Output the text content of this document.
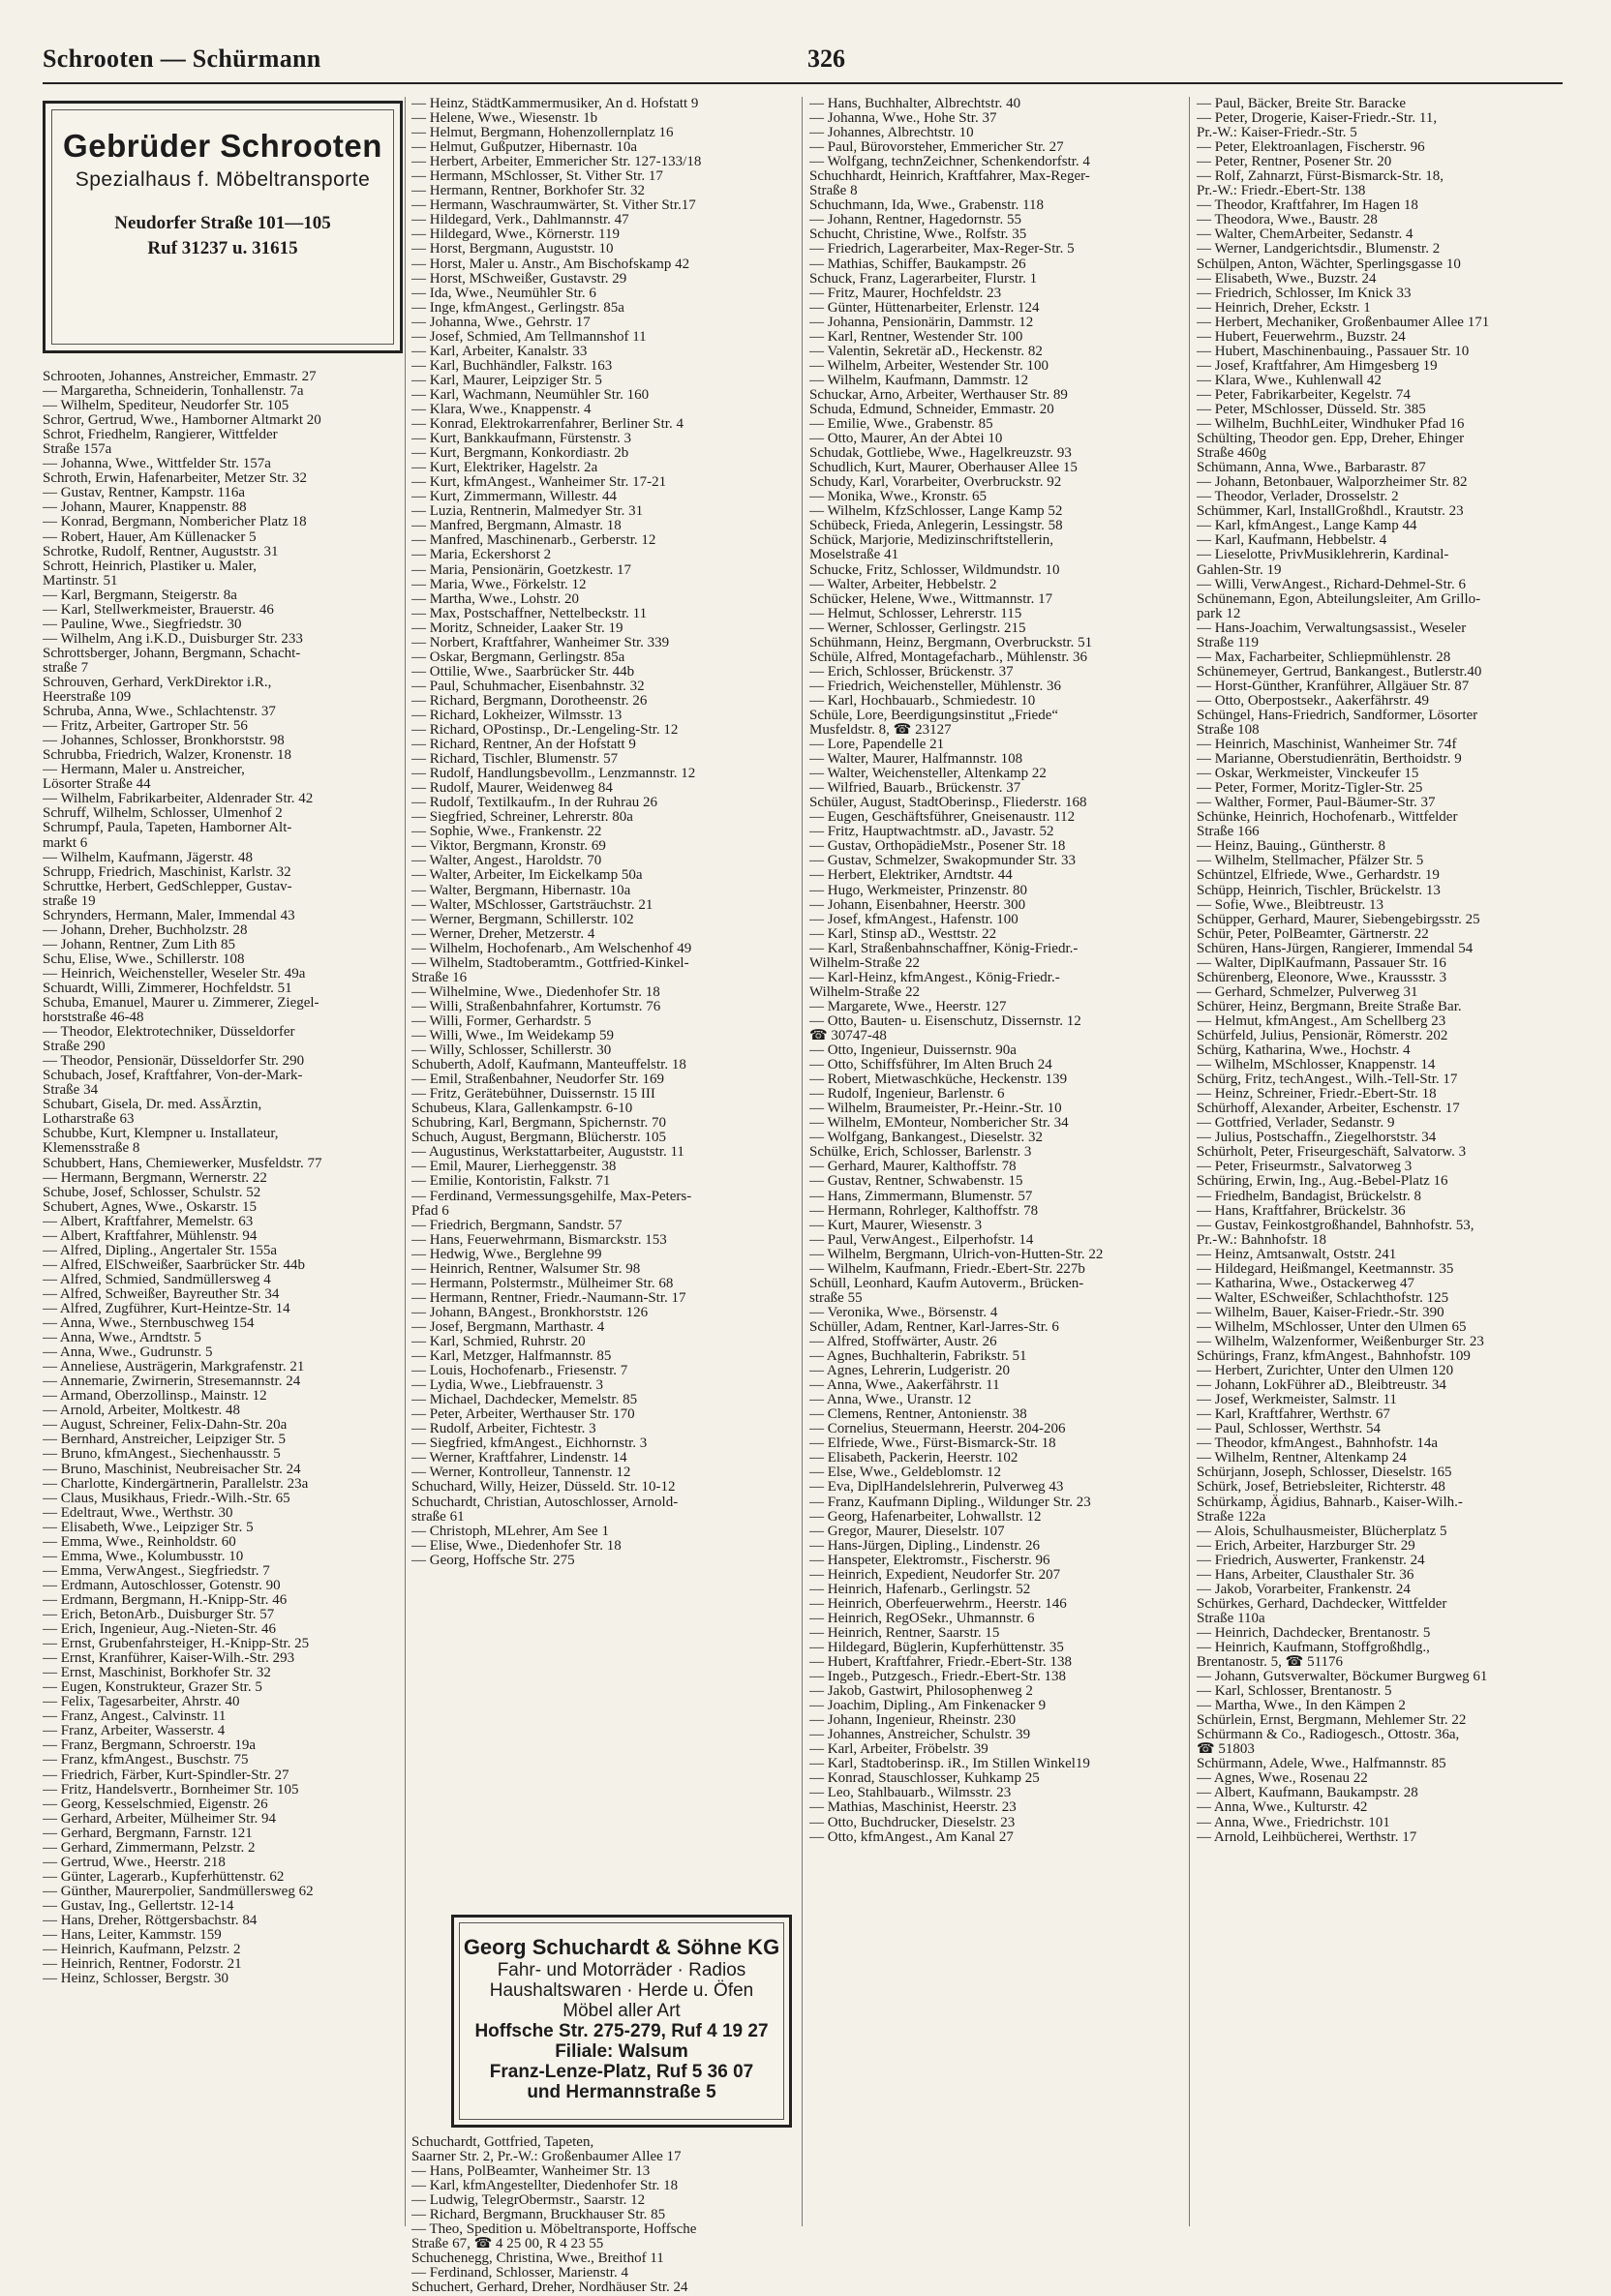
Schrooten — Schürmann	326
Gebrüder Schrooten
Spezialhaus f. Möbeltransporte
Neudorfer Straße 101—105
Ruf 31237 u. 31615
Schrooten, Johannes, Anstreicher, Emmastr. 27
— Margaretha, Schneiderin, Tonhallenstr. 7a
— Wilhelm, Spediteur, Neudorfer Str. 105
Schror, Gertrud, Wwe., Hamborner Altmarkt 20
Schrot, Friedhelm, Rangierer, Wittfelder
Straße 157a
— Johanna, Wwe., Wittfelder Str. 157a
Schroth, Erwin, Hafenarbeiter, Metzer Str. 32
— Gustav, Rentner, Kampstr. 116a
— Johann, Maurer, Knappenstr. 88
— Konrad, Bergmann, Nombericher Platz 18
— Robert, Hauer, Am Küllenacker 5
Schrotke, Rudolf, Rentner, Auguststr. 31
Schrott, Heinrich, Plastiker u. Maler,
Martinstr. 51
— Karl, Bergmann, Steigerstr. 8a
— Karl, Stellwerkmeister, Brauerstr. 46
— Pauline, Wwe., Siegfriedstr. 30
— Wilhelm, Ang i.K.D., Duisburger Str. 233
Schrottsberger, Johann, Bergmann, Schacht-
straße 7
Schrouven, Gerhard, VerkDirektor i.R.,
Heerstraße 109
Schruba, Anna, Wwe., Schlachtenstr. 37
— Fritz, Arbeiter, Gartroper Str. 56
— Johannes, Schlosser, Bronkhorststr. 98
Schrubba, Friedrich, Walzer, Kronenstr. 18
— Hermann, Maler u. Anstreicher,
Lösorter Straße 44
— Wilhelm, Fabrikarbeiter, Aldenrader Str. 42
Schruff, Wilhelm, Schlosser, Ulmenhof 2
Schrumpf, Paula, Tapeten, Hamborner Alt-
markt 6
— Wilhelm, Kaufmann, Jägerstr. 48
Schrupp, Friedrich, Maschinist, Karlstr. 32
Schruttke, Herbert, GedSchlepper, Gustav-
straße 19
Schrynders, Hermann, Maler, Immendal 43
— Johann, Dreher, Buchholzstr. 28
— Johann, Rentner, Zum Lith 85
Schu, Elise, Wwe., Schillerstr. 108
— Heinrich, Weichensteller, Weseler Str. 49a
Schuardt, Willi, Zimmerer, Hochfeldstr. 51
Schuba, Emanuel, Maurer u. Zimmerer, Ziegel-
horststraße 46-48
— Theodor, Elektrotechniker, Düsseldorfer
Straße 290
— Theodor, Pensionär, Düsseldorfer Str. 290
Schubach, Josef, Kraftfahrer, Von-der-Mark-
Straße 34
Schubart, Gisela, Dr. med. AssÄrztin,
Lotharstraße 63
Schubbe, Kurt, Klempner u. Installateur,
Klemensstraße 8
Schubbert, Hans, Chemiewerker, Musfeldstr. 77
— Hermann, Bergmann, Wernerstr. 22
Schube, Josef, Schlosser, Schulstr. 52
Schubert, Agnes, Wwe., Oskarstr. 15
— Albert, Kraftfahrer, Memelstr. 63
— Albert, Kraftfahrer, Mühlenstr. 94
— Alfred, Dipling., Angertaler Str. 155a
— Alfred, ElSchweißer, Saarbrücker Str. 44b
— Alfred, Schmied, Sandmüllersweg 4
— Alfred, Schweißer, Bayreuther Str. 34
— Alfred, Zugführer, Kurt-Heintze-Str. 14
— Anna, Wwe., Sternbuschweg 154
— Anna, Wwe., Arndtstr. 5
— Anna, Wwe., Gudrunstr. 5
— Anneliese, Austrägerin, Markgrafenstr. 21
— Annemarie, Zwirnerin, Stresemannstr. 24
— Armand, Oberzollinsp., Mainstr. 12
— Arnold, Arbeiter, Moltkestr. 48
— August, Schreiner, Felix-Dahn-Str. 20a
— Bernhard, Anstreicher, Leipziger Str. 5
— Bruno, kfmAngest., Siechenhausstr. 5
— Bruno, Maschinist, Neubreisacher Str. 24
— Charlotte, Kindergärtnerin, Parallelstr. 23a
— Claus, Musikhaus, Friedr.-Wilh.-Str. 65
— Edeltraut, Wwe., Werthstr. 30
— Elisabeth, Wwe., Leipziger Str. 5
— Emma, Wwe., Reinholdstr. 60
— Emma, Wwe., Kolumbusstr. 10
— Emma, VerwAngest., Siegfriedstr. 7
— Erdmann, Autoschlosser, Gotenstr. 90
— Erdmann, Bergmann, H.-Knipp-Str. 46
— Erich, BetonArb., Duisburger Str. 57
— Erich, Ingenieur, Aug.-Nieten-Str. 46
— Ernst, Grubenfahrsteiger, H.-Knipp-Str. 25
— Ernst, Kranführer, Kaiser-Wilh.-Str. 293
— Ernst, Maschinist, Borkhofer Str. 32
— Eugen, Konstrukteur, Grazer Str. 5
— Felix, Tagesarbeiter, Ahrstr. 40
— Franz, Angest., Calvinstr. 11
— Franz, Arbeiter, Wasserstr. 4
— Franz, Bergmann, Schroerstr. 19a
— Franz, kfmAngest., Buschstr. 75
— Friedrich, Färber, Kurt-Spindler-Str. 27
— Fritz, Handelsvertr., Bornheimer Str. 105
— Georg, Kesselschmied, Eigenstr. 26
— Gerhard, Arbeiter, Mülheimer Str. 94
— Gerhard, Bergmann, Farnstr. 121
— Gerhard, Zimmermann, Pelzstr. 2
— Gertrud, Wwe., Heerstr. 218
— Günter, Lagerarb., Kupferhüttenstr. 62
— Günther, Maurerpolier, Sandmüllersweg 62
— Gustav, Ing., Gellertstr. 12-14
— Hans, Dreher, Röttgersbachstr. 84
— Hans, Leiter, Kammstr. 159
— Heinrich, Kaufmann, Pelzstr. 2
— Heinrich, Rentner, Fodorstr. 21
— Heinz, Schlosser, Bergstr. 30
— Heinz, StädtKammermusiker, An d. Hofstatt 9
— Helene, Wwe., Wiesenstr. 1b
— Helmut, Bergmann, Hohenzollernplatz 16
— Helmut, Gußputzer, Hibernastr. 10a
— Herbert, Arbeiter, Emmericher Str. 127-133/18
— Hermann, MSchlosser, St. Vither Str. 17
— Hermann, Rentner, Borkhofer Str. 32
— Hermann, Waschraumwärter, St. Vither Str.17
— Hildegard, Verk., Dahlmannstr. 47
— Hildegard, Wwe., Körnerstr. 119
— Horst, Bergmann, Auguststr. 10
— Horst, Maler u. Anstr., Am Bischofskamp 42
— Horst, MSchweißer, Gustavstr. 29
— Ida, Wwe., Neumühler Str. 6
— Inge, kfmAngest., Gerlingstr. 85a
— Johanna, Wwe., Gehrstr. 17
— Josef, Schmied, Am Tellmannshof 11
— Karl, Arbeiter, Kanalstr. 33
— Karl, Buchhändler, Falkstr. 163
— Karl, Maurer, Leipziger Str. 5
— Karl, Wachmann, Neumühler Str. 160
— Klara, Wwe., Knappenstr. 4
— Konrad, Elektrokarrenfahrer, Berliner Str. 4
— Kurt, Bankkaufmann, Fürstenstr. 3
— Kurt, Bergmann, Konkordiastr. 2b
— Kurt, Elektriker, Hagelstr. 2a
— Kurt, kfmAngest., Wanheimer Str. 17-21
— Kurt, Zimmermann, Willestr. 44
— Luzia, Rentnerin, Malmedyer Str. 31
— Manfred, Bergmann, Almastr. 18
— Manfred, Maschinenarb., Gerberstr. 12
— Maria, Eckershorst 2
— Maria, Pensionärin, Goetzkestr. 17
— Maria, Wwe., Förkelstr. 12
— Martha, Wwe., Lohstr. 20
— Max, Postschaffner, Nettelbeckstr. 11
— Moritz, Schneider, Laaker Str. 19
— Norbert, Kraftfahrer, Wanheimer Str. 339
— Oskar, Bergmann, Gerlingstr. 85a
— Ottilie, Wwe., Saarbrücker Str. 44b
— Paul, Schuhmacher, Eisenbahnstr. 32
— Richard, Bergmann, Dorotheenstr. 26
— Richard, Lokheizer, Wilmsstr. 13
— Richard, OPostinsp., Dr.-Lengeling-Str. 12
— Richard, Rentner, An der Hofstatt 9
— Richard, Tischler, Blumenstr. 57
— Rudolf, Handlungsbevollm., Lenzmannstr. 12
— Rudolf, Maurer, Weidenweg 84
— Rudolf, Textilkaufm., In der Ruhrau 26
— Siegfried, Schreiner, Lehrerstr. 80a
— Sophie, Wwe., Frankenstr. 22
— Viktor, Bergmann, Kronstr. 69
— Walter, Angest., Haroldstr. 70
— Walter, Arbeiter, Im Eickelkamp 50a
— Walter, Bergmann, Hibernastr. 10a
— Walter, MSchlosser, Gartsträuchstr. 21
— Werner, Bergmann, Schillerstr. 102
— Werner, Dreher, Metzerstr. 4
— Wilhelm, Hochofenarb., Am Welschenhof 49
— Wilhelm, Stadtoberamtm., Gottfried-Kinkel-
Straße 16
— Wilhelmine, Wwe., Diedenhofer Str. 18
— Willi, Straßenbahnfahrer, Kortumstr. 76
— Willi, Former, Gerhardstr. 5
— Willi, Wwe., Im Weidekamp 59
— Willy, Schlosser, Schillerstr. 30
Schuberth, Adolf, Kaufmann, Manteuffelstr. 18
— Emil, Straßenbahner, Neudorfer Str. 169
— Fritz, Gerätebühner, Duissernstr. 15 III
Schubeus, Klara, Gallenkampstr. 6-10
Schubring, Karl, Bergmann, Spichernstr. 70
Schuch, August, Bergmann, Blücherstr. 105
— Augustinus, Werkstattarbeiter, Auguststr. 11
— Emil, Maurer, Lierheggenstr. 38
— Emilie, Kontoristin, Falkstr. 71
— Ferdinand, Vermessungsgehilfe, Max-Peters-
Pfad 6
— Friedrich, Bergmann, Sandstr. 57
— Hans, Feuerwehrmann, Bismarckstr. 153
— Hedwig, Wwe., Berglehne 99
— Heinrich, Rentner, Walsumer Str. 98
— Hermann, Polstermstr., Mülheimer Str. 68
— Hermann, Rentner, Friedr.-Naumann-Str. 17
— Johann, BAngest., Bronkhorststr. 126
— Josef, Bergmann, Marthastr. 4
— Karl, Schmied, Ruhrstr. 20
— Karl, Metzger, Halfmannstr. 85
— Louis, Hochofenarb., Friesenstr. 7
— Lydia, Wwe., Liebfrauenstr. 3
— Michael, Dachdecker, Memelstr. 85
— Peter, Arbeiter, Werthauser Str. 170
— Rudolf, Arbeiter, Fichtestr. 3
— Siegfried, kfmAngest., Eichhornstr. 3
— Werner, Kraftfahrer, Lindenstr. 14
— Werner, Kontrolleur, Tannenstr. 12
Schuchard, Willy, Heizer, Düsseld. Str. 10-12
Schuchardt, Christian, Autoschlosser, Arnold-
straße 61
— Christoph, MLehrer, Am See 1
— Elise, Wwe., Diedenhofer Str. 18
— Georg, Hoffsche Str. 275
Georg Schuchardt & Söhne KG
Fahr- und Motorräder · Radios
Haushaltswaren · Herde u. Öfen
Möbel aller Art
Hoffsche Str. 275-279, Ruf 4 19 27
Filiale: Walsum
Franz-Lenze-Platz, Ruf 5 36 07
und Hermannstraße 5
Schuchardt, Gottfried, Tapeten,
Saarner Str. 2, Pr.-W.: Großenbaumer Allee 17
— Hans, PolBeamter, Wanheimer Str. 13
— Karl, kfmAngestellter, Diedenhofer Str. 18
— Ludwig, TelegrObermstr., Saarstr. 12
— Richard, Bergmann, Bruckhauser Str. 85
— Theo, Spedition u. Möbeltransporte, Hoffsche
Straße 67, ☎ 4 25 00, R 4 23 55
Schuchenegg, Christina, Wwe., Breithof 11
— Ferdinand, Schlosser, Marienstr. 4
Schuchert, Gerhard, Dreher, Nordhäuser Str. 24
— Hans, Buchhalter, Albrechtstr. 40
— Johanna, Wwe., Hohe Str. 37
— Johannes, Albrechtstr. 10
— Paul, Bürovorsteher, Emmericher Str. 27
— Wolfgang, technZeichner, Schenkendorfstr. 4
Schuchhardt, Heinrich, Kraftfahrer, Max-Reger-
Straße 8
Schuchmann, Ida, Wwe., Grabenstr. 118
— Johann, Rentner, Hagedornstr. 55
Schucht, Christine, Wwe., Rolfstr. 35
— Friedrich, Lagerarbeiter, Max-Reger-Str. 5
— Mathias, Schiffer, Baukampstr. 26
Schuck, Franz, Lagerarbeiter, Flurstr. 1
— Fritz, Maurer, Hochfeldstr. 23
— Günter, Hüttenarbeiter, Erlenstr. 124
— Johanna, Pensionärin, Dammstr. 12
— Karl, Rentner, Westender Str. 100
— Valentin, Sekretär aD., Heckenstr. 82
— Wilhelm, Arbeiter, Westender Str. 100
— Wilhelm, Kaufmann, Dammstr. 12
Schuckar, Arno, Arbeiter, Werthauser Str. 89
Schuda, Edmund, Schneider, Emmastr. 20
— Emilie, Wwe., Grabenstr. 85
— Otto, Maurer, An der Abtei 10
Schudak, Gottliebe, Wwe., Hagelkreuzstr. 93
Schudlich, Kurt, Maurer, Oberhauser Allee 15
Schudy, Karl, Vorarbeiter, Overbruckstr. 92
— Monika, Wwe., Kronstr. 65
— Wilhelm, KfzSchlosser, Lange Kamp 52
Schübeck, Frieda, Anlegerin, Lessingstr. 58
Schück, Marjorie, Medizinschriftstellerin,
Moselstraße 41
Schucke, Fritz, Schlosser, Wildmundstr. 10
— Walter, Arbeiter, Hebbelstr. 2
Schücker, Helene, Wwe., Wittmannstr. 17
— Helmut, Schlosser, Lehrerstr. 115
— Werner, Schlosser, Gerlingstr. 215
Schühmann, Heinz, Bergmann, Overbruckstr. 51
Schüle, Alfred, Montagefacharb., Mühlenstr. 36
— Erich, Schlosser, Brückenstr. 37
— Friedrich, Weichensteller, Mühlenstr. 36
— Karl, Hochbauarb., Schmiedestr. 10
Schüle, Lore, Beerdigungsinstitut „Friede“
Musfeldstr. 8, ☎ 23127
— Lore, Papendelle 21
— Walter, Maurer, Halfmannstr. 108
— Walter, Weichensteller, Altenkamp 22
— Wilfried, Bauarb., Brückenstr. 37
Schüler, August, StadtOberinsp., Fliederstr. 168
— Eugen, Geschäftsführer, Gneisenaustr. 112
— Fritz, Hauptwachtmstr. aD., Javastr. 52
— Gustav, OrthopädieMstr., Posener Str. 18
— Gustav, Schmelzer, Swakopmunder Str. 33
— Herbert, Elektriker, Arndtstr. 44
— Hugo, Werkmeister, Prinzenstr. 80
— Johann, Eisenbahner, Heerstr. 300
— Josef, kfmAngest., Hafenstr. 100
— Karl, Stinsp aD., Westtstr. 22
— Karl, Straßenbahnschaffner, König-Friedr.-
Wilhelm-Straße 22
— Karl-Heinz, kfmAngest., König-Friedr.-
Wilhelm-Straße 22
— Margarete, Wwe., Heerstr. 127
— Otto, Bauten- u. Eisenschutz, Dissernstr. 12
☎ 30747-48
— Otto, Ingenieur, Duissernstr. 90a
— Otto, Schiffsführer, Im Alten Bruch 24
— Robert, Mietwaschküche, Heckenstr. 139
— Rudolf, Ingenieur, Barlenstr. 6
— Wilhelm, Braumeister, Pr.-Heinr.-Str. 10
— Wilhelm, EMonteur, Nombericher Str. 34
— Wolfgang, Bankangest., Dieselstr. 32
Schülke, Erich, Schlosser, Barlenstr. 3
— Gerhard, Maurer, Kalthoffstr. 78
— Gustav, Rentner, Schwabenstr. 15
— Hans, Zimmermann, Blumenstr. 57
— Hermann, Rohrleger, Kalthoffstr. 78
— Kurt, Maurer, Wiesenstr. 3
— Paul, VerwAngest., Eilperhofstr. 14
— Wilhelm, Bergmann, Ulrich-von-Hutten-Str. 22
— Wilhelm, Kaufmann, Friedr.-Ebert-Str. 227b
Schüll, Leonhard, Kaufm Autoverm., Brücken-
straße 55
— Veronika, Wwe., Börsenstr. 4
Schüller, Adam, Rentner, Karl-Jarres-Str. 6
— Alfred, Stoffwärter, Austr. 26
— Agnes, Buchhalterin, Fabrikstr. 51
— Agnes, Lehrerin, Ludgeristr. 20
— Anna, Wwe., Aakerfährstr. 11
— Anna, Wwe., Uranstr. 12
— Clemens, Rentner, Antonienstr. 38
— Cornelius, Steuermann, Heerstr. 204-206
— Elfriede, Wwe., Fürst-Bismarck-Str. 18
— Elisabeth, Packerin, Heerstr. 102
— Else, Wwe., Geldeblomstr. 12
— Eva, DiplHandelslehrerin, Pulverweg 43
— Franz, Kaufmann Dipling., Wildunger Str. 23
— Georg, Hafenarbeiter, Lohwallstr. 12
— Gregor, Maurer, Dieselstr. 107
— Hans-Jürgen, Dipling., Lindenstr. 26
— Hanspeter, Elektromstr., Fischerstr. 96
— Heinrich, Expedient, Neudorfer Str. 207
— Heinrich, Hafenarb., Gerlingstr. 52
— Heinrich, Oberfeuerwehrm., Heerstr. 146
— Heinrich, RegOSekr., Uhmannstr. 6
— Heinrich, Rentner, Saarstr. 15
— Hildegard, Büglerin, Kupferhüttenstr. 35
— Hubert, Kraftfahrer, Friedr.-Ebert-Str. 138
— Ingeb., Putzgesch., Friedr.-Ebert-Str. 138
— Jakob, Gastwirt, Philosophenweg 2
— Joachim, Dipling., Am Finkenacker 9
— Johann, Ingenieur, Rheinstr. 230
— Johannes, Anstreicher, Schulstr. 39
— Karl, Arbeiter, Fröbelstr. 39
— Karl, Stadtoberinsp. iR., Im Stillen Winkel19
— Konrad, Stauschlosser, Kuhkamp 25
— Leo, Stahlbauarb., Wilmsstr. 23
— Mathias, Maschinist, Heerstr. 23
— Otto, Buchdrucker, Dieselstr. 23
— Otto, kfmAngest., Am Kanal 27
— Paul, Bäcker, Breite Str. Baracke
— Peter, Drogerie, Kaiser-Friedr.-Str. 11,
Pr.-W.: Kaiser-Friedr.-Str. 5
— Peter, Elektroanlagen, Fischerstr. 96
— Peter, Rentner, Posener Str. 20
— Rolf, Zahnarzt, Fürst-Bismarck-Str. 18,
Pr.-W.: Friedr.-Ebert-Str. 138
— Theodor, Kraftfahrer, Im Hagen 18
— Theodora, Wwe., Baustr. 28
— Walter, ChemArbeiter, Sedanstr. 4
— Werner, Landgerichtsdir., Blumenstr. 2
Schülpen, Anton, Wächter, Sperlingsgasse 10
— Elisabeth, Wwe., Buzstr. 24
— Friedrich, Schlosser, Im Knick 33
— Heinrich, Dreher, Eckstr. 1
— Herbert, Mechaniker, Großenbaumer Allee 171
— Hubert, Feuerwehrm., Buzstr. 24
— Hubert, Maschinenbauing., Passauer Str. 10
— Josef, Kraftfahrer, Am Himgesberg 19
— Klara, Wwe., Kuhlenwall 42
— Peter, Fabrikarbeiter, Kegelstr. 74
— Peter, MSchlosser, Düsseld. Str. 385
— Wilhelm, BuchhLeiter, Windhuker Pfad 16
Schülting, Theodor gen. Epp, Dreher, Ehinger
Straße 460g
Schümann, Anna, Wwe., Barbarastr. 87
— Johann, Betonbauer, Walporzheimer Str. 82
— Theodor, Verlader, Drosselstr. 2
Schümmer, Karl, InstallGroßhdl., Krautstr. 23
— Karl, kfmAngest., Lange Kamp 44
— Karl, Kaufmann, Hebbelstr. 4
— Lieselotte, PrivMusiklehrerin, Kardinal-
Gahlen-Str. 19
— Willi, VerwAngest., Richard-Dehmel-Str. 6
Schünemann, Egon, Abteilungsleiter, Am Grillo-
park 12
— Hans-Joachim, Verwaltungsassist., Weseler
Straße 119
— Max, Facharbeiter, Schliepmühlenstr. 28
Schünemeyer, Gertrud, Bankangest., Butlerstr.40
— Horst-Günther, Kranführer, Allgäuer Str. 87
— Otto, Oberpostsekr., Aakerfährstr. 49
Schüngel, Hans-Friedrich, Sandformer, Lösorter
Straße 108
— Heinrich, Maschinist, Wanheimer Str. 74f
— Marianne, Oberstudienrätin, Berthoidstr. 9
— Oskar, Werkmeister, Vinckeufer 15
— Peter, Former, Moritz-Tigler-Str. 25
— Walther, Former, Paul-Bäumer-Str. 37
Schünke, Heinrich, Hochofenarb., Wittfelder
Straße 166
— Heinz, Bauing., Güntherstr. 8
— Wilhelm, Stellmacher, Pfälzer Str. 5
Schüntzel, Elfriede, Wwe., Gerhardstr. 19
Schüpp, Heinrich, Tischler, Brückelstr. 13
— Sofie, Wwe., Bleibtreustr. 13
Schüpper, Gerhard, Maurer, Siebengebirgsstr. 25
Schür, Peter, PolBeamter, Gärtnerstr. 22
Schüren, Hans-Jürgen, Rangierer, Immendal 54
— Walter, DiplKaufmann, Passauer Str. 16
Schürenberg, Eleonore, Wwe., Kraussstr. 3
— Gerhard, Schmelzer, Pulverweg 31
Schürer, Heinz, Bergmann, Breite Straße Bar.
— Helmut, kfmAngest., Am Schellberg 23
Schürfeld, Julius, Pensionär, Römerstr. 202
Schürg, Katharina, Wwe., Hochstr. 4
— Wilhelm, MSchlosser, Knappenstr. 14
Schürg, Fritz, techAngest., Wilh.-Tell-Str. 17
— Heinz, Schreiner, Friedr.-Ebert-Str. 18
Schürhoff, Alexander, Arbeiter, Eschenstr. 17
— Gottfried, Verlader, Sedanstr. 9
— Julius, Postschaffn., Ziegelhorststr. 34
Schürholt, Peter, Friseurgeschäft, Salvatorw. 3
— Peter, Friseurmstr., Salvatorweg 3
Schüring, Erwin, Ing., Aug.-Bebel-Platz 16
— Friedhelm, Bandagist, Brückelstr. 8
— Hans, Kraftfahrer, Brückelstr. 36
— Gustav, Feinkostgroßhandel, Bahnhofstr. 53,
Pr.-W.: Bahnhofstr. 18
— Heinz, Amtsanwalt, Oststr. 241
— Hildegard, Heißmangel, Keetmannstr. 35
— Katharina, Wwe., Ostackerweg 47
— Walter, ESchweißer, Schlachthofstr. 125
— Wilhelm, Bauer, Kaiser-Friedr.-Str. 390
— Wilhelm, MSchlosser, Unter den Ulmen 65
— Wilhelm, Walzenformer, Weißenburger Str. 23
Schürings, Franz, kfmAngest., Bahnhofstr. 109
— Herbert, Zurichter, Unter den Ulmen 120
— Johann, LokFührer aD., Bleibtreustr. 34
— Josef, Werkmeister, Salmstr. 11
— Karl, Kraftfahrer, Werthstr. 67
— Paul, Schlosser, Werthstr. 54
— Theodor, kfmAngest., Bahnhofstr. 14a
— Wilhelm, Rentner, Altenkamp 24
Schürjann, Joseph, Schlosser, Dieselstr. 165
Schürk, Josef, Betriebsleiter, Richterstr. 48
Schürkamp, Ägidius, Bahnarb., Kaiser-Wilh.-
Straße 122a
— Alois, Schulhausmeister, Blücherplatz 5
— Erich, Arbeiter, Harzburger Str. 29
— Friedrich, Auswerter, Frankenstr. 24
— Hans, Arbeiter, Clausthaler Str. 36
— Jakob, Vorarbeiter, Frankenstr. 24
Schürkes, Gerhard, Dachdecker, Wittfelder
Straße 110a
— Heinrich, Dachdecker, Brentanostr. 5
— Heinrich, Kaufmann, Stoffgroßhdlg.,
Brentanostr. 5, ☎ 51176
— Johann, Gutsverwalter, Böckumer Burgweg 61
— Karl, Schlosser, Brentanostr. 5
— Martha, Wwe., In den Kämpen 2
Schürlein, Ernst, Bergmann, Mehlemer Str. 22
Schürmann & Co., Radiogesch., Ottostr. 36a,
☎ 51803
Schürmann, Adele, Wwe., Halfmannstr. 85
— Agnes, Wwe., Rosenau 22
— Albert, Kaufmann, Baukampstr. 28
— Anna, Wwe., Kulturstr. 42
— Anna, Wwe., Friedrichstr. 101
— Arnold, Leihbücherei, Werthstr. 17
